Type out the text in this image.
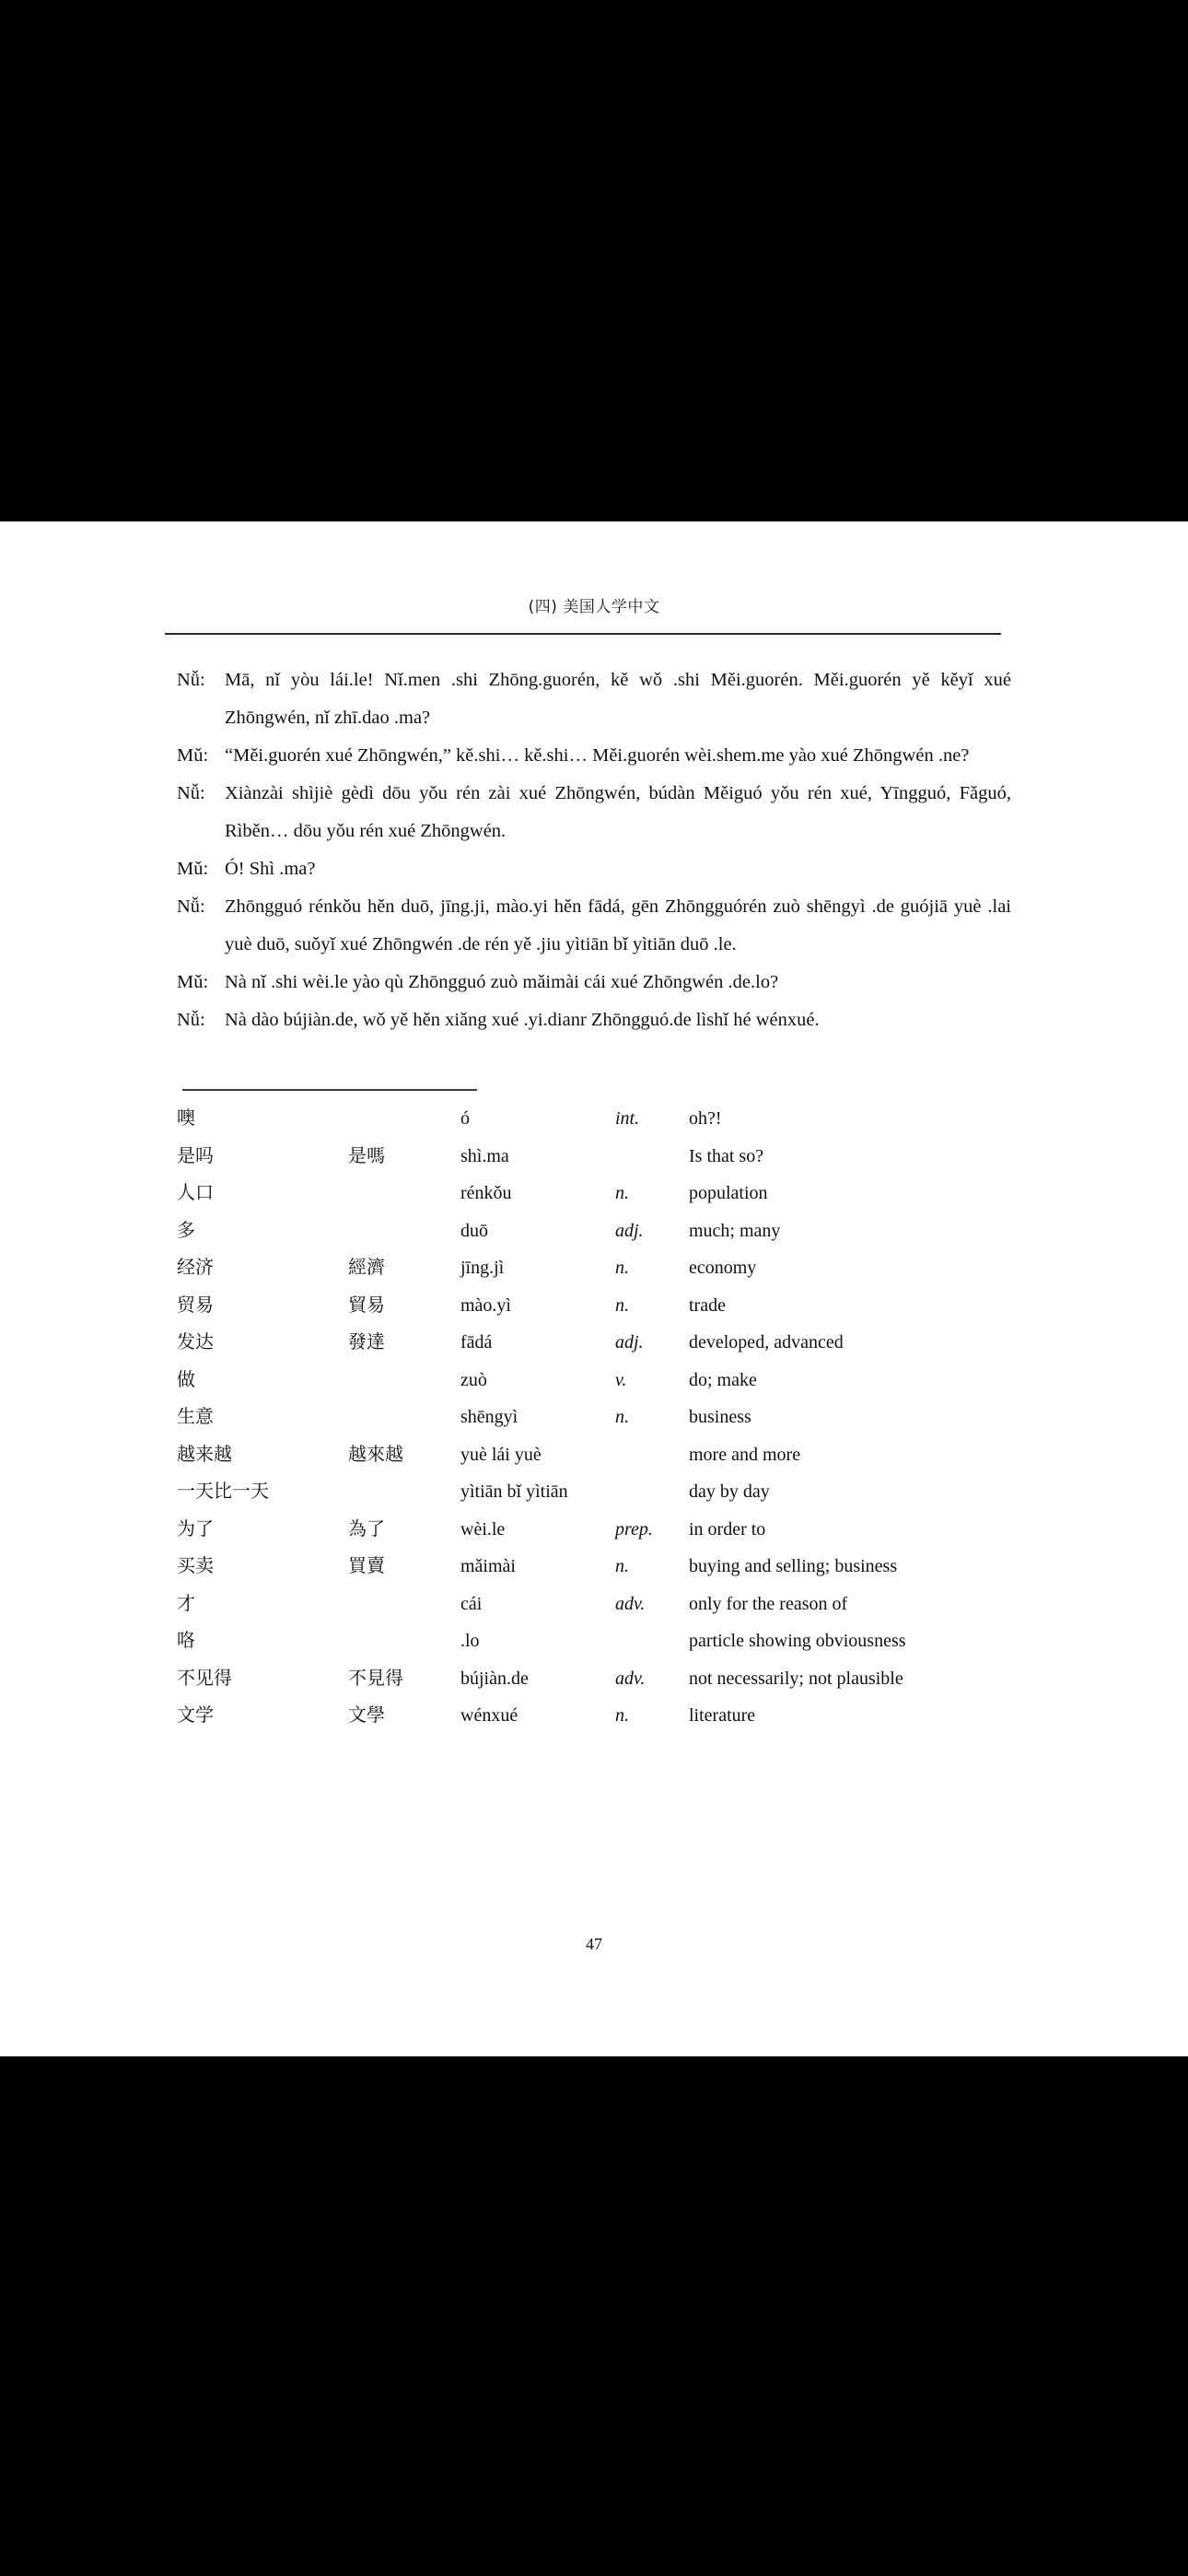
(四) 美国人学中文
Nǚ:	Mā, nǐ yòu lái.le! Nǐ.men .shi Zhōng.guorén, kě wǒ .shi Měi.guorén. Měi.guorén yě kěyǐ xué Zhōngwén, nǐ zhī.dao .ma?
Mǔ: “Měi.guorén xué Zhōngwén,” kě.shi… kě.shi… Měi.guorén wèi.shem.me yào xué Zhōngwén .ne?
Nǚ:	Xiànzài shìjiè gèdì dōu yǒu rén zài xué Zhōngwén, búdàn Měiguó yǒu rén xué, Yīngguó, Fǎguó, Rìběn… dōu yǒu rén xué Zhōngwén.
Mǔ: Ó! Shì .ma?
Nǚ:	Zhōngguó rénkǒu hěn duō, jīng.ji, mào.yi hěn fādá, gēn Zhōngguórén zuò shēngyì .de guójiā yuè .lai yuè duō, suǒyǐ xué Zhōngwén .de rén yě .jiu yìtiān bǐ yìtiān duō .le.
Mǔ: Nà nǐ .shi wèi.le yào qù Zhōngguó zuò mǎimài cái xué Zhōngwén .de.lo?
Nǚ:	Nà dào bújiàn.de, wǒ yě hěn xiǎng xué .yi.dianr Zhōngguó.de lìshǐ hé wénxué.
噢		ó	int.	oh?!
是吗	是嗎	shì.ma		Is that so?
人口		rénkǒu	n.	population
多		duō	adj.	much; many
经济	經濟	jīng.jì	n.	economy
贸易	貿易	mào.yì	n.	trade
发达	發達	fādá	adj.	developed, advanced
做		zuò	v.	do; make
生意		shēngyì	n.	business
越来越	越來越	yuè lái yuè		more and more
一天比一天		yìtiān bǐ yìtiān		day by day
为了	為了	wèi.le	prep.	in order to
买卖	買賣	mǎimài	n.	buying and selling; business
才		cái	adv.	only for the reason of
咯		.lo		particle showing obviousness
不见得	不見得	bújiàn.de	adv.	not necessarily; not plausible
文学	文學	wénxué	n.	literature
47
